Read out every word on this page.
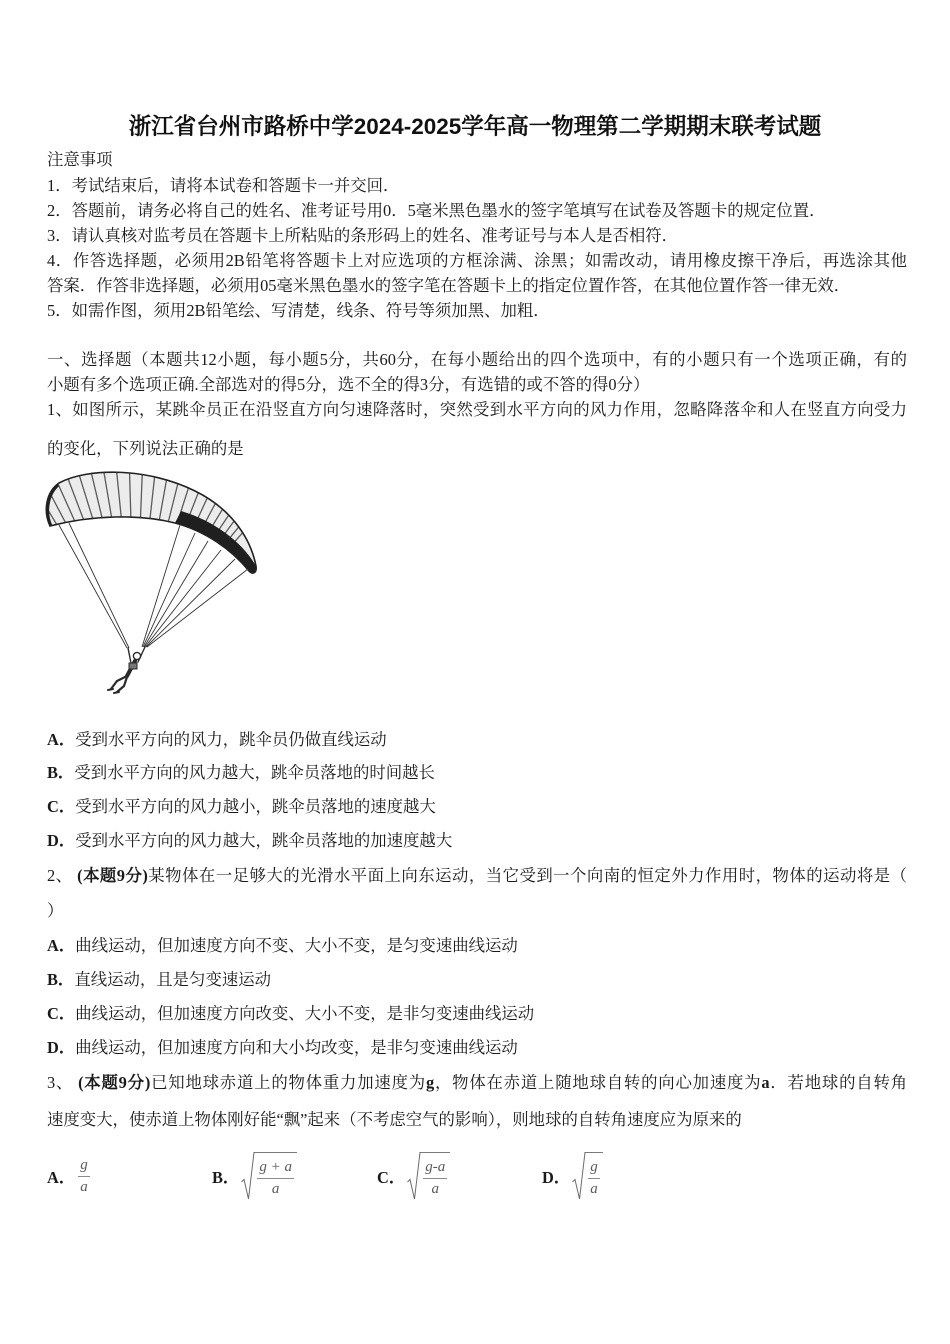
浙江省台州市路桥中学2024-2025学年高一物理第二学期期末联考试题
注意事项
1．考试结束后，请将本试卷和答题卡一并交回．
2．答题前，请务必将自己的姓名、准考证号用0．5毫米黑色墨水的签字笔填写在试卷及答题卡的规定位置．
3．请认真核对监考员在答题卡上所粘贴的条形码上的姓名、准考证号与本人是否相符．
4．作答选择题，必须用2B铅笔将答题卡上对应选项的方框涂满、涂黑；如需改动，请用橡皮擦干净后，再选涂其他
答案．作答非选择题，必须用05毫米黑色墨水的签字笔在答题卡上的指定位置作答，在其他位置作答一律无效．
5．如需作图，须用2B铅笔绘、写清楚，线条、符号等须加黑、加粗．
一、选择题（本题共12小题，每小题5分，共60分，在每小题给出的四个选项中，有的小题只有一个选项正确，有的
小题有多个选项正确.全部选对的得5分，选不全的得3分，有选错的或不答的得0分）
1、如图所示，某跳伞员正在沿竖直方向匀速降落时，突然受到水平方向的风力作用，忽略降落伞和人在竖直方向受力
的变化，下列说法正确的是
A．受到水平方向的风力，跳伞员仍做直线运动
B．受到水平方向的风力越大，跳伞员落地的时间越长
C．受到水平方向的风力越小，跳伞员落地的速度越大
D．受到水平方向的风力越大，跳伞员落地的加速度越大
2、 (本题9分)某物体在一足够大的光滑水平面上向东运动，当它受到一个向南的恒定外力作用时，物体的运动将是（
）
A．曲线运动，但加速度方向不变、大小不变，是匀变速曲线运动
B．直线运动，且是匀变速运动
C．曲线运动，但加速度方向改变、大小不变，是非匀变速曲线运动
D．曲线运动，但加速度方向和大小均改变，是非匀变速曲线运动
3、 (本题9分)已知地球赤道上的物体重力加速度为g，物体在赤道上随地球自转的向心加速度为a．若地球的自转角
速度变大，使赤道上物体刚好能“飘”起来（不考虑空气的影响），则地球的自转角速度应为原来的
A． $\frac{g}{a}$	B． $\frac{g + a}{a}$	C． $\frac{g-a}{a}$	D． $\frac{g}{a}$
